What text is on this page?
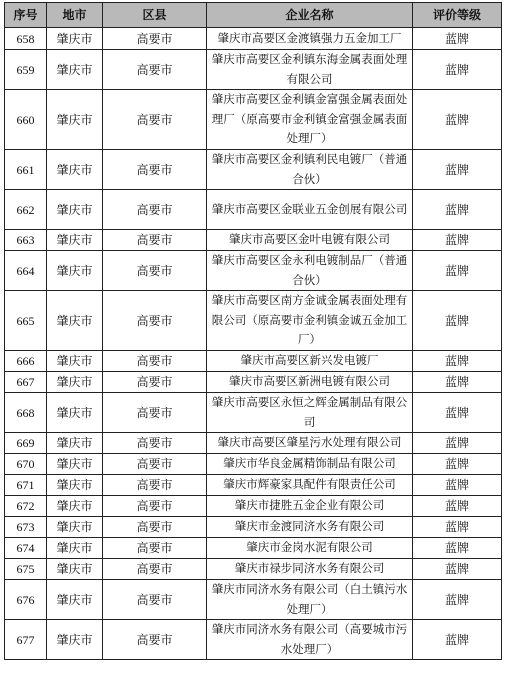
序号	地市	区县	企业名称	评价等级
658	肇庆市	高要市	肇庆市高要区金渡镇强力五金加工厂	蓝牌
659	肇庆市	高要市	肇庆市高要区金利镇东海金属表面处理有限公司	蓝牌
660	肇庆市	高要市	肇庆市高要区金利镇金富强金属表面处理厂（原高要市金利镇金富强金属表面处理厂）	蓝牌
661	肇庆市	高要市	肇庆市高要区金利镇利民电镀厂（普通合伙）	蓝牌
662	肇庆市	高要市	肇庆市高要区金联业五金创展有限公司	蓝牌
663	肇庆市	高要市	肇庆市高要区金叶电镀有限公司	蓝牌
664	肇庆市	高要市	肇庆市高要区金永利电镀制品厂（普通合伙）	蓝牌
665	肇庆市	高要市	肇庆市高要区南方金诚金属表面处理有限公司（原高要市金利镇金诚五金加工厂）	蓝牌
666	肇庆市	高要市	肇庆市高要区新兴发电镀厂	蓝牌
667	肇庆市	高要市	肇庆市高要区新洲电镀有限公司	蓝牌
668	肇庆市	高要市	肇庆市高要区永恒之辉金属制品有限公司	蓝牌
669	肇庆市	高要市	肇庆市高要区肇星污水处理有限公司	蓝牌
670	肇庆市	高要市	肇庆市华良金属精饰制品有限公司	蓝牌
671	肇庆市	高要市	肇庆市辉豪家具配件有限责任公司	蓝牌
672	肇庆市	高要市	肇庆市捷胜五金企业有限公司	蓝牌
673	肇庆市	高要市	肇庆市金渡同济水务有限公司	蓝牌
674	肇庆市	高要市	肇庆市金岗水泥有限公司	蓝牌
675	肇庆市	高要市	肇庆市禄步同济水务有限公司	蓝牌
676	肇庆市	高要市	肇庆市同济水务有限公司（白土镇污水处理厂）	蓝牌
677	肇庆市	高要市	肇庆市同济水务有限公司（高要城市污水处理厂）	蓝牌
